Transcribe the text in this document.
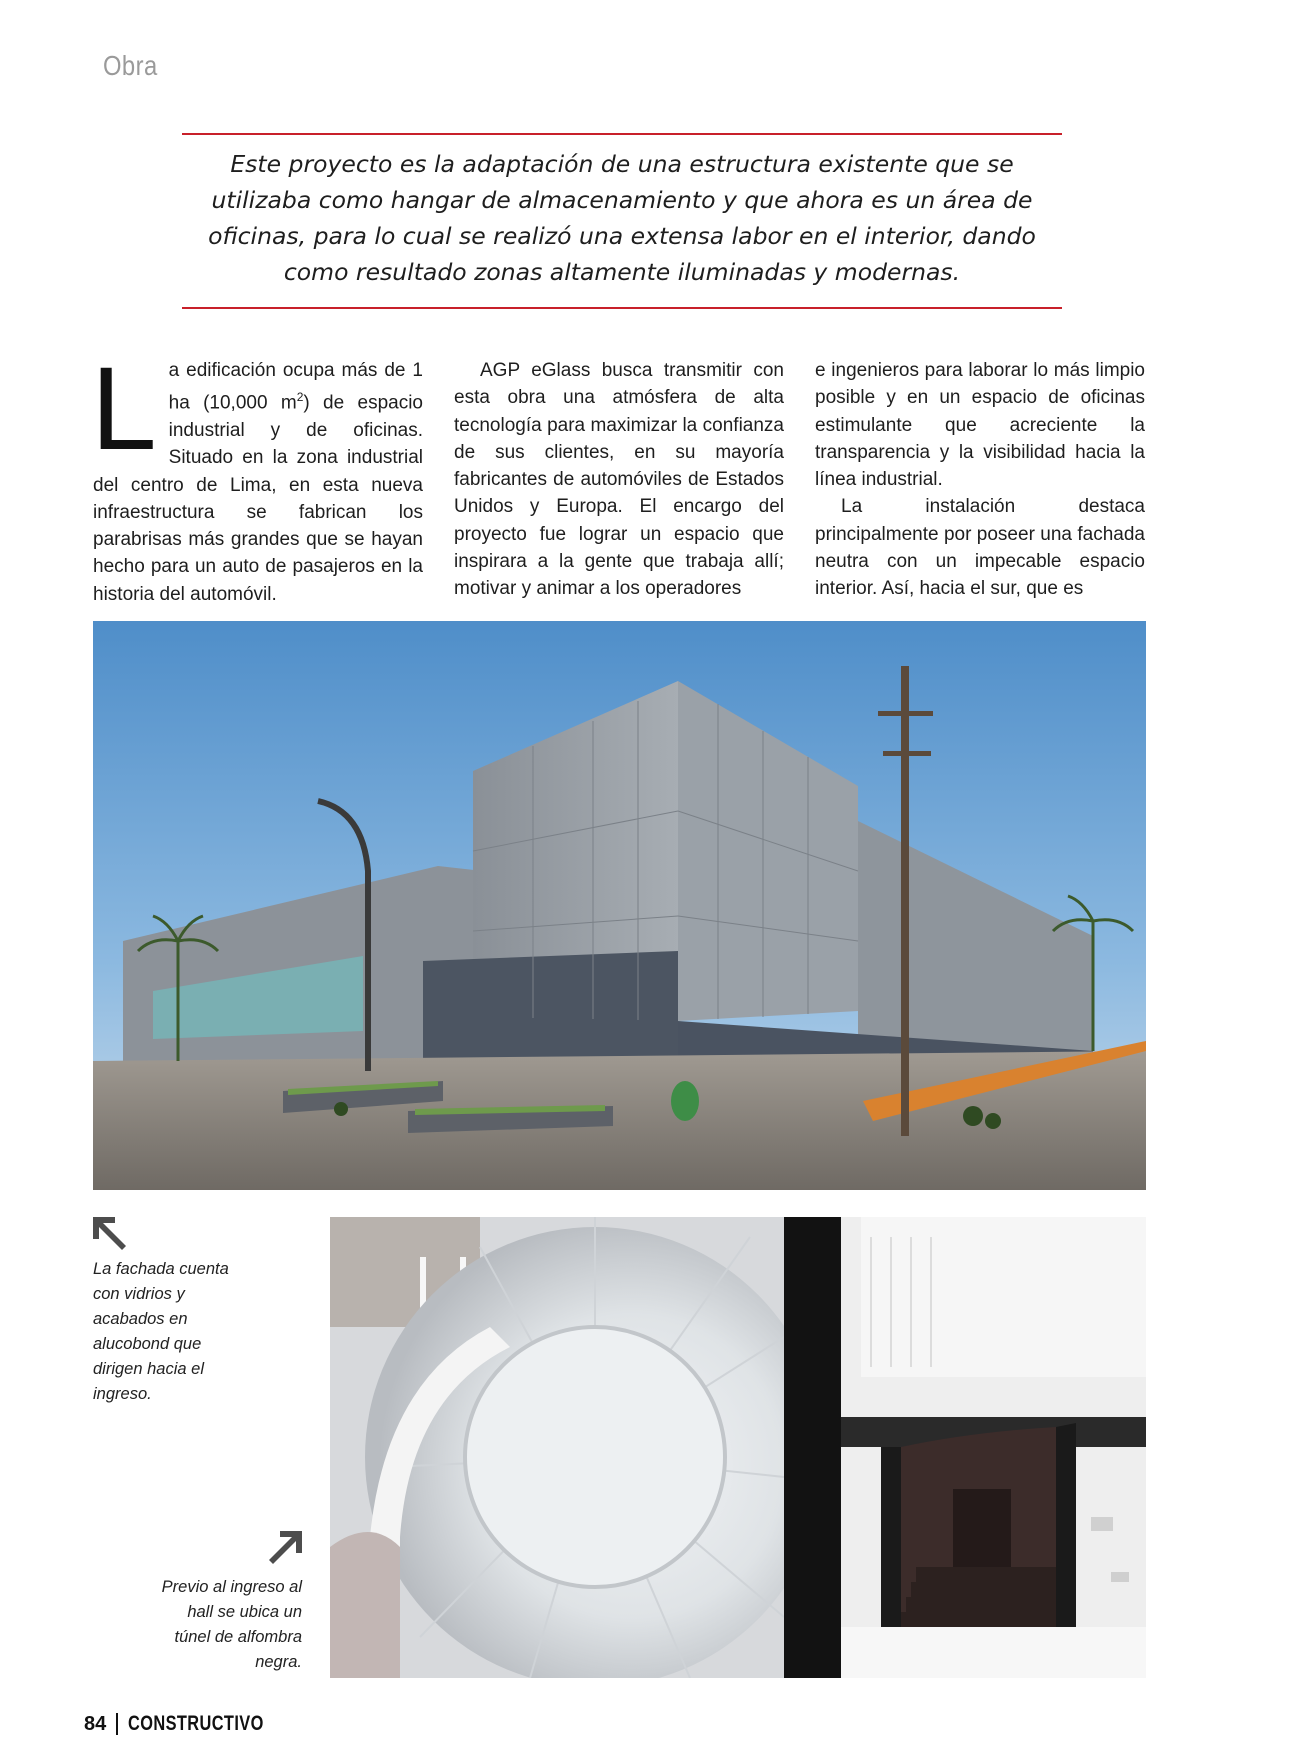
Obra
Este proyecto es la adaptación de una estructura existente que se utilizaba como hangar de almacenamiento y que ahora es un área de oficinas, para lo cual se realizó una extensa labor en el interior, dando como resultado zonas altamente iluminadas y modernas.

La edificación ocupa más de 1 ha (10,000 $m^2$) de espacio industrial y de oficinas. Situado en la zona industrial del centro de Lima, en esta nueva infraestructura se fabrican los parabrisas más grandes que se hayan hecho para un auto de pasajeros en la historia del automóvil.

AGP eGlass busca transmitir con esta obra una atmósfera de alta tecnología para maximizar la confianza de sus clientes, en su mayoría fabricantes de automóviles de Estados Unidos y Europa. El encargo del proyecto fue lograr un espacio que inspirara a la gente que trabaja allí; motivar y animar a los operadores

e ingenieros para laborar lo más limpio posible y en un espacio de oficinas estimulante que acreciente la transparencia y la visibilidad hacia la línea industrial.

La instalación destaca principalmente por poseer una fachada neutra con un impecable espacio interior. Así, hacia el sur, que es

La fachada cuenta con vidrios y acabados en alucobond que dirigen hacia el ingreso.
Previo al ingreso al hall se ubica un túnel de alfombra negra.
84 CONSTRUCTIVO
